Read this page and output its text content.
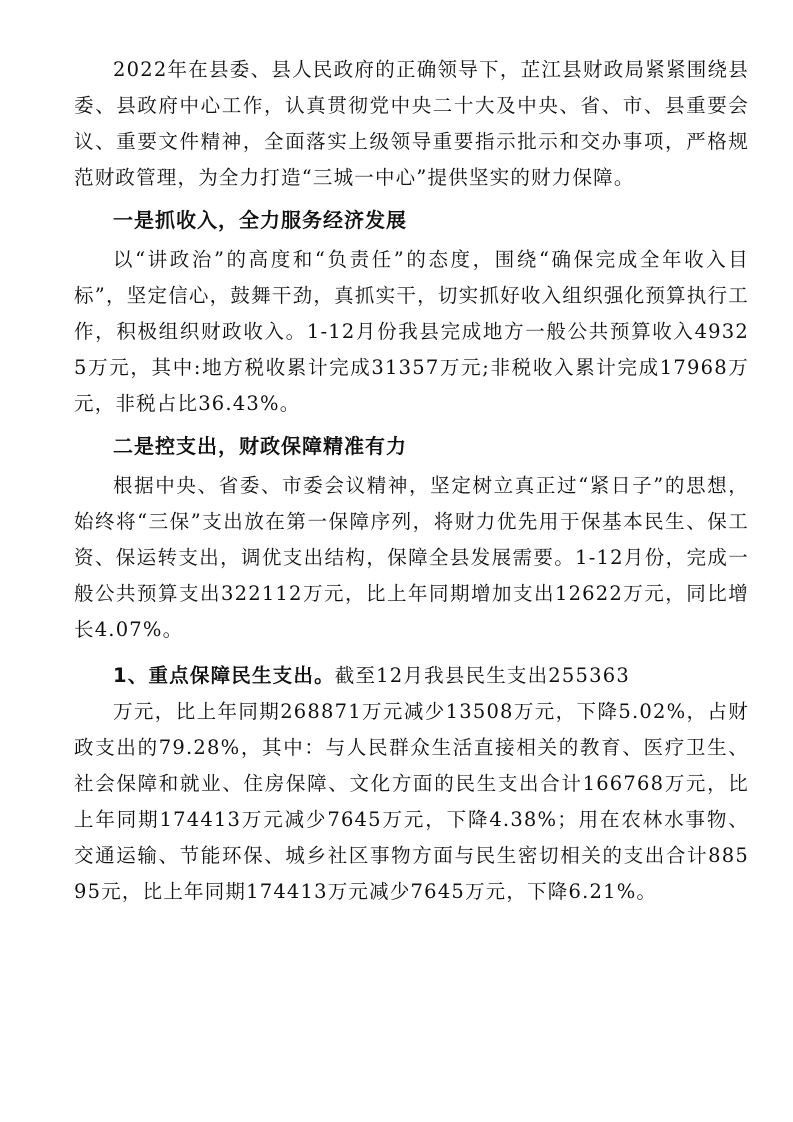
2022年在县委、县人民政府的正确领导下，芷江县财政局紧紧围绕县委、县政府中心工作，认真贯彻党中央二十大及中央、省、市、县重要会议、重要文件精神，全面落实上级领导重要指示批示和交办事项，严格规范财政管理，为全力打造“三城一中心”提供坚实的财力保障。

一是抓收入，全力服务经济发展

以“讲政治”的高度和“负责任”的态度，围绕“确保完成全年收入目标”，坚定信心，鼓舞干劲，真抓实干，切实抓好收入组织强化预算执行工作，积极组织财政收入。1-12月份我县完成地方一般公共预算收入49325万元，其中:地方税收累计完成31357万元;非税收入累计完成17968万元，非税占比36.43%。

二是控支出，财政保障精准有力

根据中央、省委、市委会议精神，坚定树立真正过“紧日子”的思想，始终将“三保”支出放在第一保障序列，将财力优先用于保基本民生、保工资、保运转支出，调优支出结构，保障全县发展需要。1-12月份，完成一般公共预算支出322112万元，比上年同期增加支出12622万元，同比增长4.07%。

1、重点保障民生支出。截至12月我县民生支出255363

万元，比上年同期268871万元减少13508万元，下降5.02%，占财政支出的79.28%，其中：与人民群众生活直接相关的教育、医疗卫生、社会保障和就业、住房保障、文化方面的民生支出合计166768万元，比上年同期174413万元减少7645万元，下降4.38%；用在农林水事物、交通运输、节能环保、城乡社区事物方面与民生密切相关的支出合计88595元，比上年同期174413万元减少7645万元，下降6.21%。
